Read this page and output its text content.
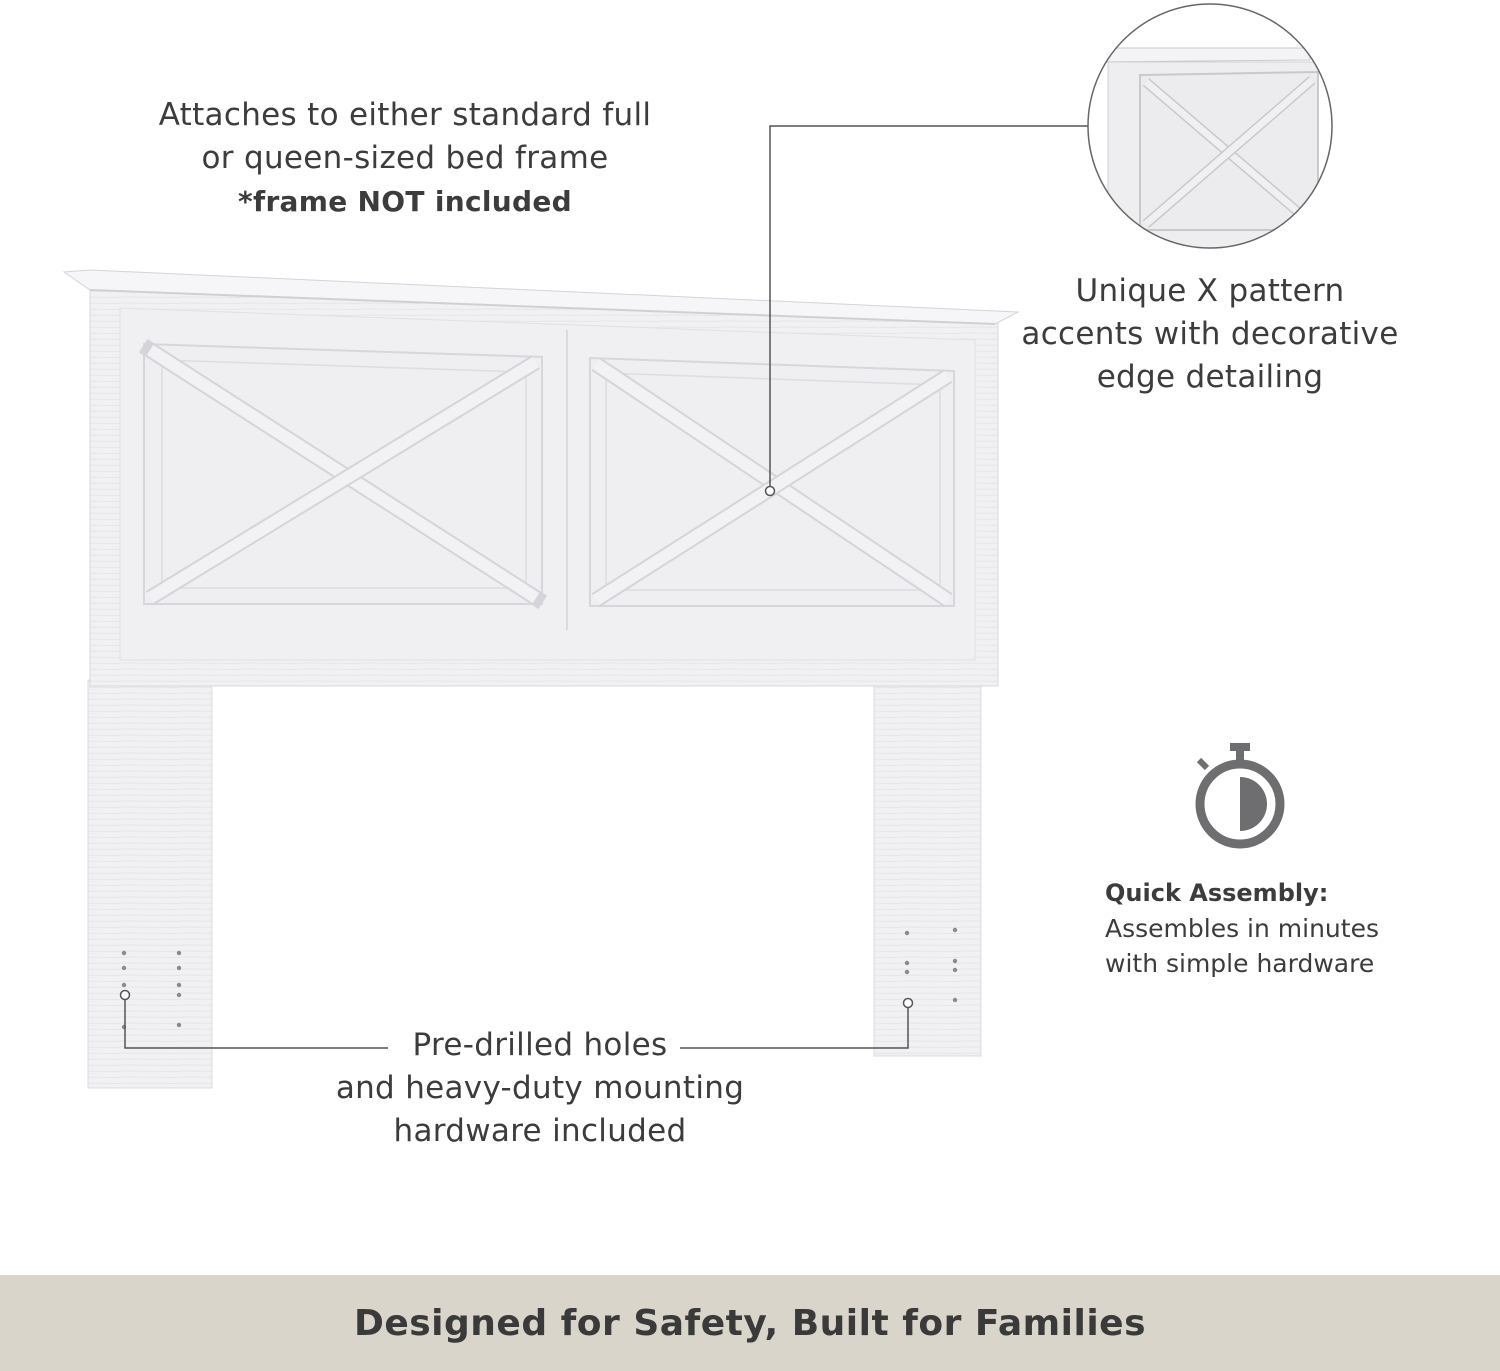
Attaches to either standard full
or queen-sized bed frame
*frame NOT included
Unique X pattern
accents with decorative
edge detailing
Pre-drilled holes
and heavy-duty mounting
hardware included
Quick Assembly:
Assembles in minutes
with simple hardware
Designed for Safety, Built for Families
